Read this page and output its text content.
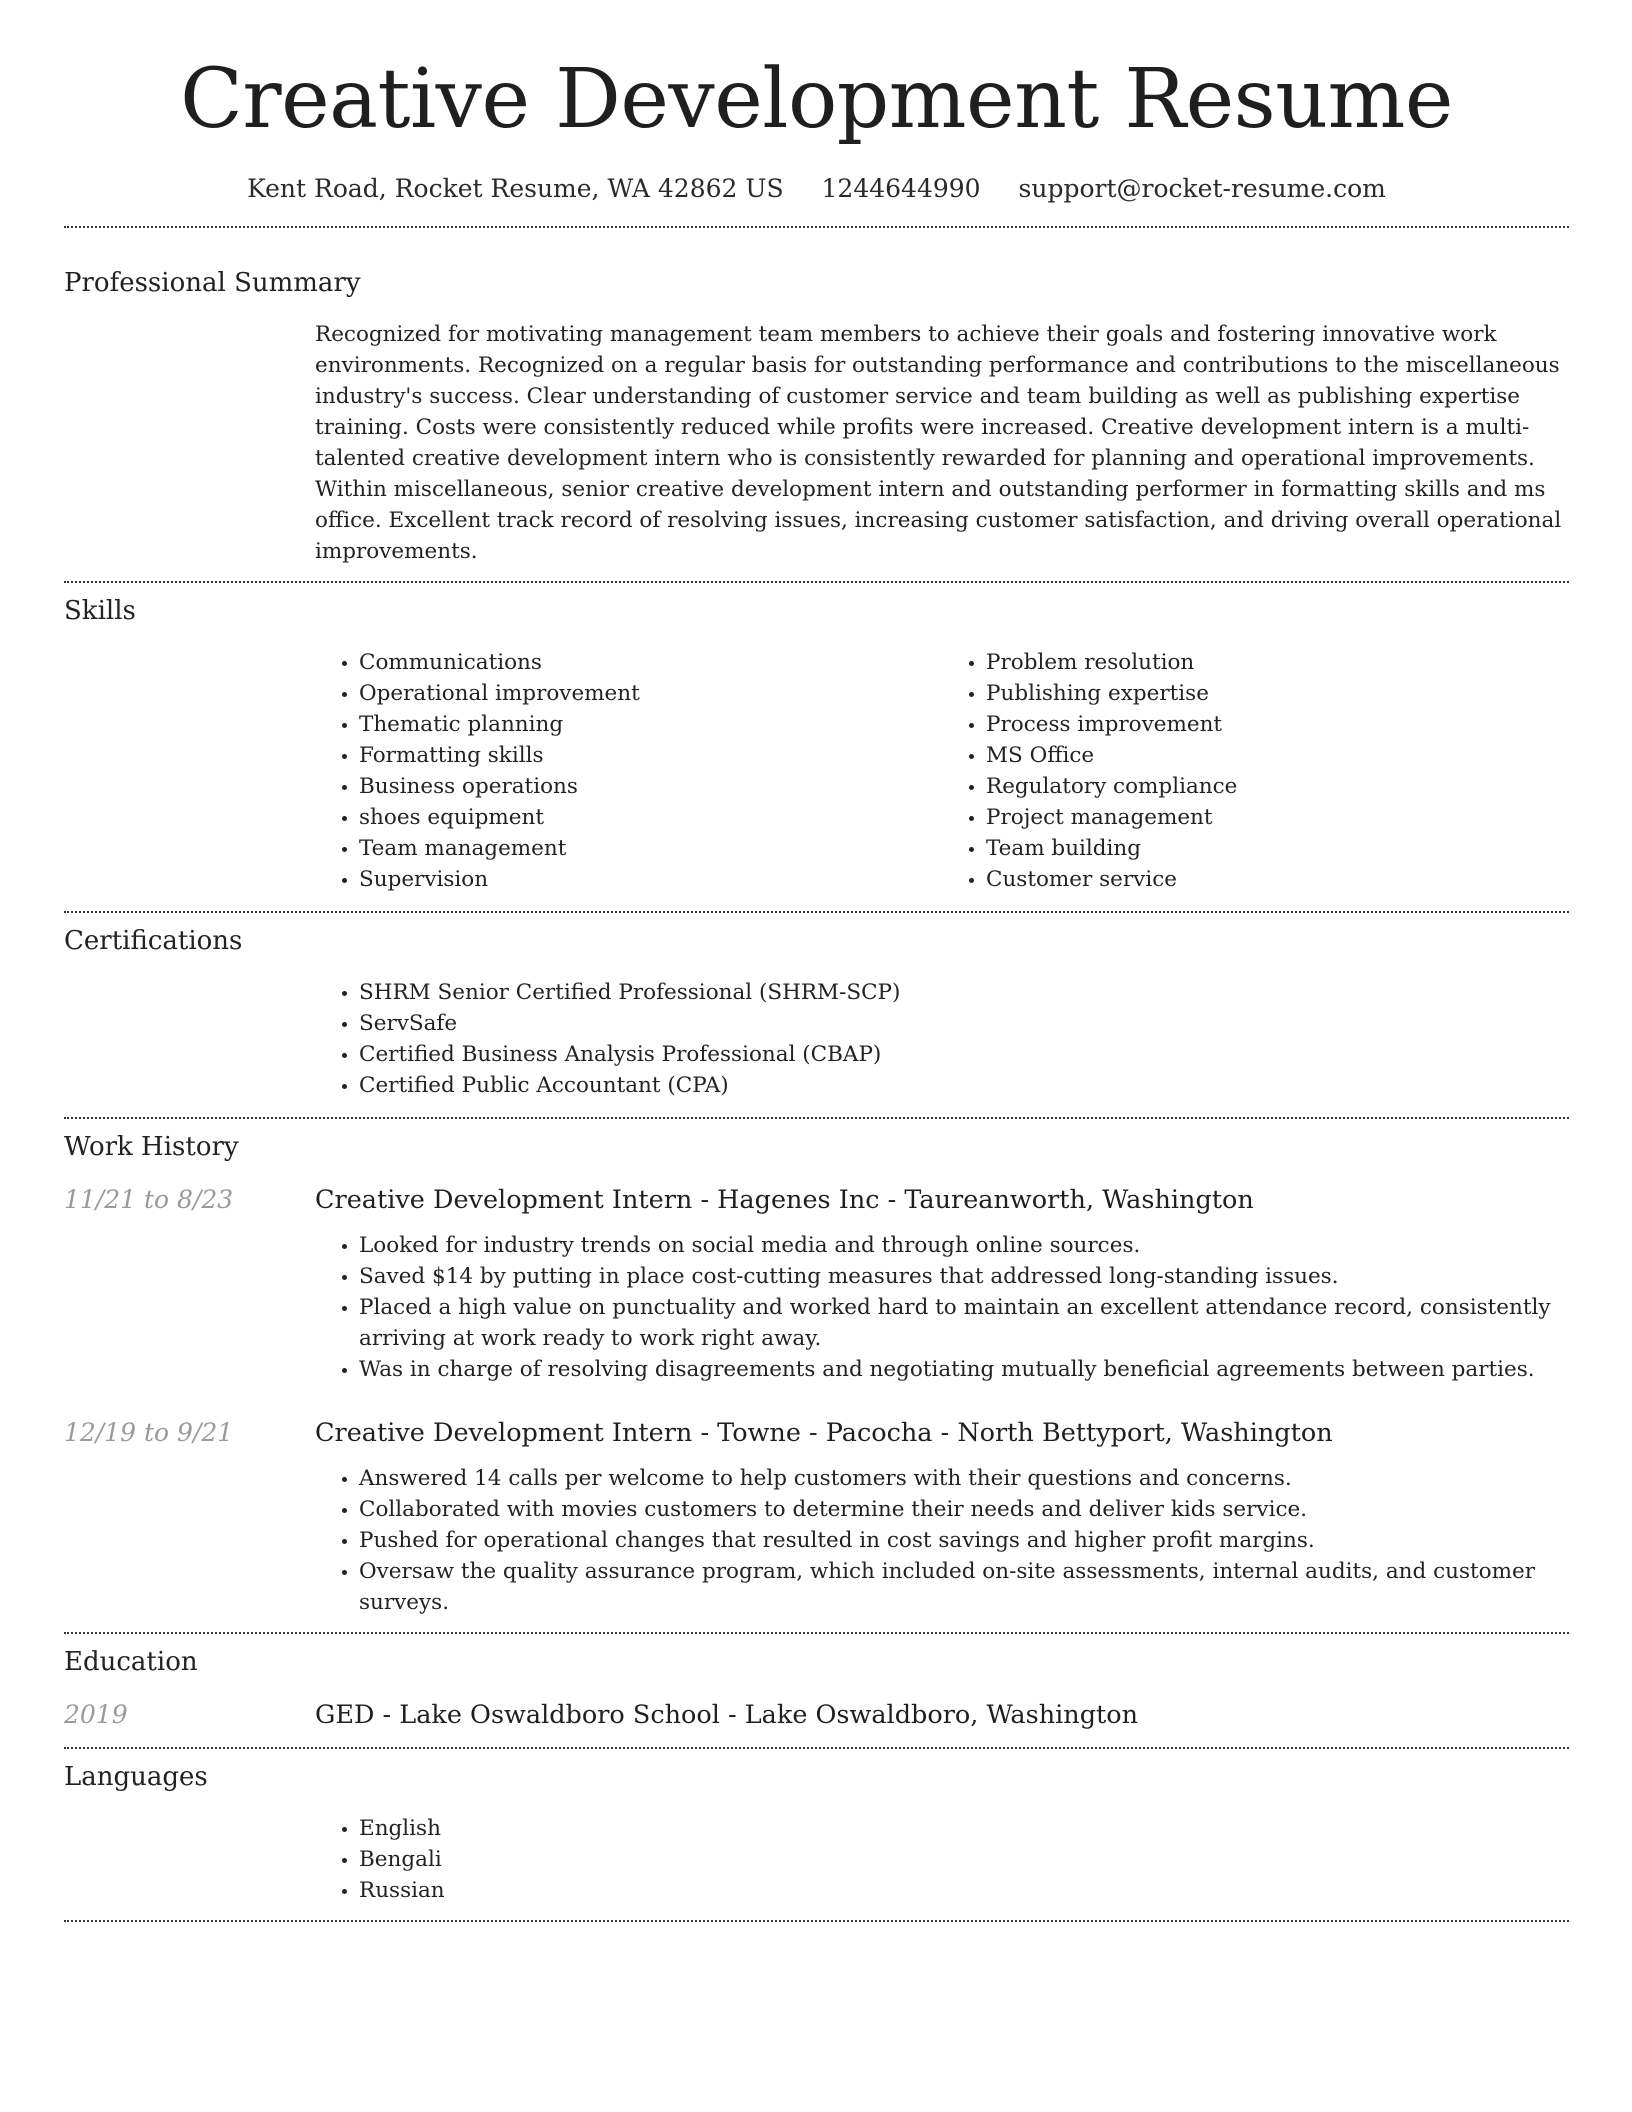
Creative Development Resume
Kent Road, Rocket Resume, WA 42862 US 1244644990 support@rocket-resume.com
Professional Summary

Recognized for motivating management team members to achieve their goals and fostering innovative work environments. Recognized on a regular basis for outstanding performance and contributions to the miscellaneous industry's success. Clear understanding of customer service and team building as well as publishing expertise training. Costs were consistently reduced while profits were increased. Creative development intern is a multi-talented creative development intern who is consistently rewarded for planning and operational improvements. Within miscellaneous, senior creative development intern and outstanding performer in formatting skills and ms office. Excellent track record of resolving issues, increasing customer satisfaction, and driving overall operational improvements.

Skills
• Communications
• Operational improvement
• Thematic planning
• Formatting skills
• Business operations
• shoes equipment
• Team management
• Supervision
• Problem resolution
• Publishing expertise
• Process improvement
• MS Office
• Regulatory compliance
• Project management
• Team building
• Customer service
Certifications
• SHRM Senior Certified Professional (SHRM-SCP)
• ServSafe
• Certified Business Analysis Professional (CBAP)
• Certified Public Accountant (CPA)
Work History
11/21 to 8/23	Creative Development Intern - Hagenes Inc - Taureanworth, Washington
• Looked for industry trends on social media and through online sources.
• Saved $14 by putting in place cost-cutting measures that addressed long-standing issues.
• Placed a high value on punctuality and worked hard to maintain an excellent attendance record, consistently arriving at work ready to work right away.
• Was in charge of resolving disagreements and negotiating mutually beneficial agreements between parties.
12/19 to 9/21	Creative Development Intern - Towne - Pacocha - North Bettyport, Washington
• Answered 14 calls per welcome to help customers with their questions and concerns.
• Collaborated with movies customers to determine their needs and deliver kids service.
• Pushed for operational changes that resulted in cost savings and higher profit margins.
• Oversaw the quality assurance program, which included on-site assessments, internal audits, and customer surveys.
Education
2019	GED - Lake Oswaldboro School - Lake Oswaldboro, Washington
Languages
• English
• Bengali
• Russian
